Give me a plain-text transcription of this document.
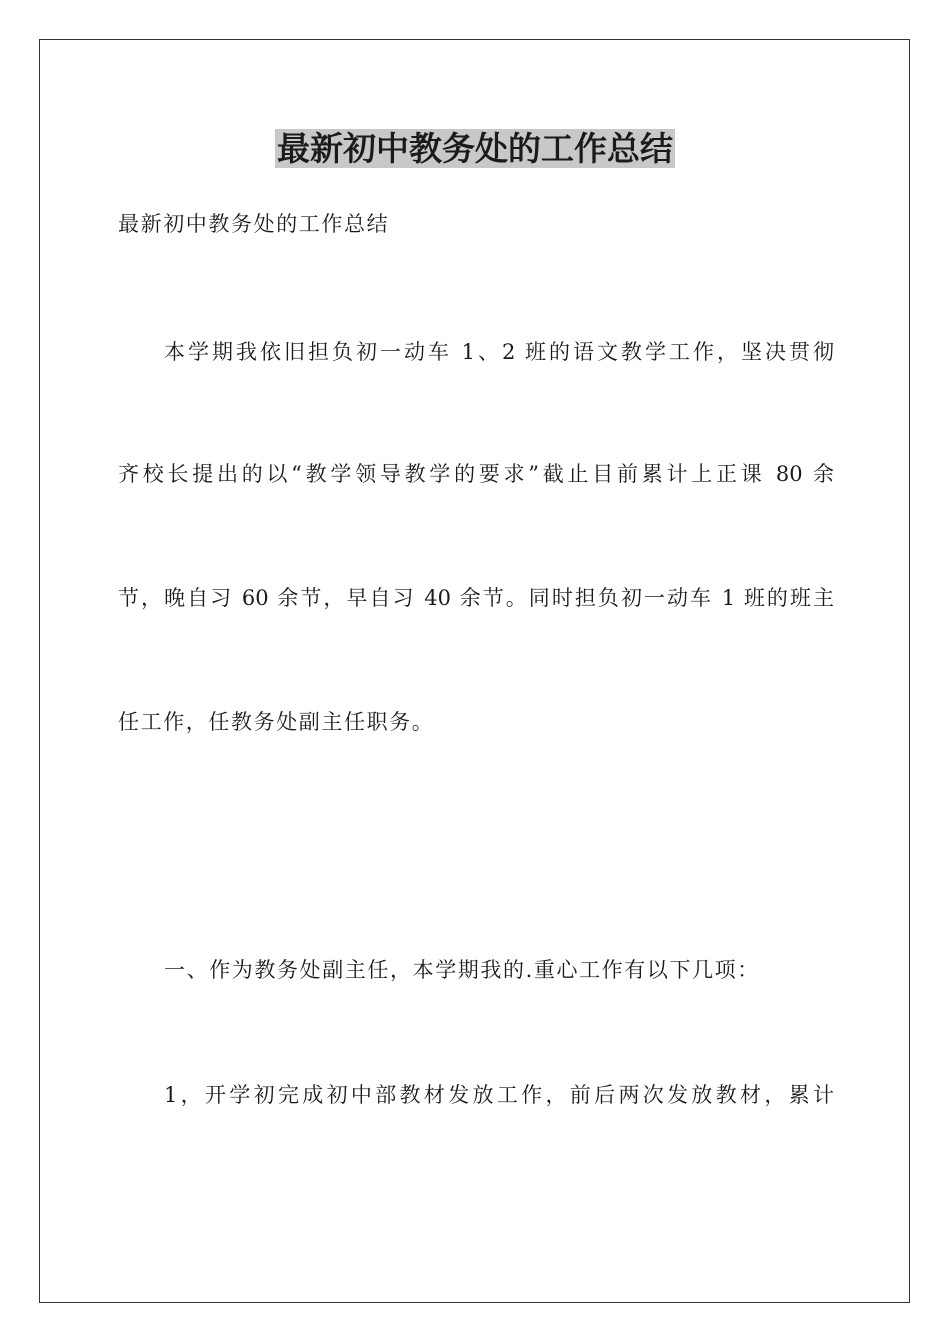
最新初中教务处的工作总结
最新初中教务处的工作总结
本学期我依旧担负初一动车 1、2 班的语文教学工作，坚决贯彻
齐校长提出的以“教学领导教学的要求”截止目前累计上正课 80 余
节，晚自习 60 余节，早自习 40 余节。同时担负初一动车 1 班的班主
任工作，任教务处副主任职务。
一、作为教务处副主任，本学期我的.重心工作有以下几项：
1，开学初完成初中部教材发放工作，前后两次发放教材，累计
